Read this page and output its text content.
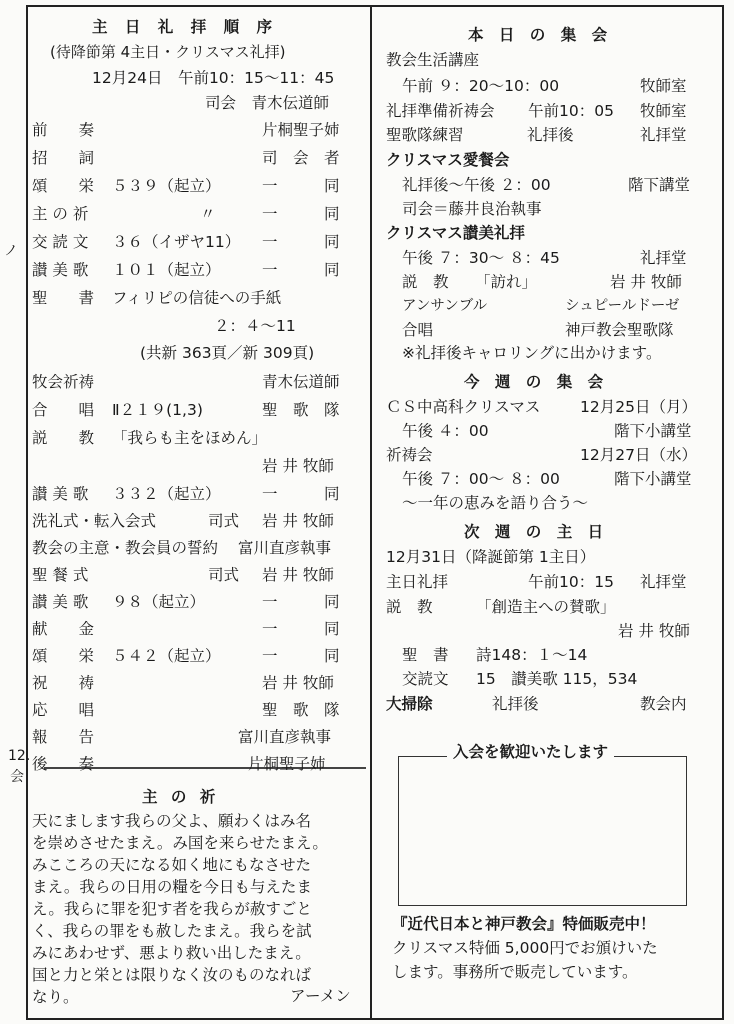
主 日 礼 拝 順 序
(待降節第 4主日・クリスマス礼拝)
12月24日　午前10：15〜11：45
司会　青木伝道師
前　　奏	片桐聖子姉
招　　詞	司　会　者
頌　　栄 ５３９（起立）	一　　　同
主 の 祈	〃	一　　　同
交 読 文 ３６（イザヤ11） 一　　　同
讃 美 歌 １０１（起立）	一　　　同
聖　　書 フィリピの信徒への手紙
２：４〜11
(共新 363頁／新 309頁)
牧会祈祷	青木伝道師
合　　唱 Ⅱ２１９(1,3)	聖　歌　隊
説　　教 「我らも主をほめん」
岩 井 牧師
讃 美 歌 ３３２（起立）	一　　　同
洗礼式・転入会式	司式 岩 井 牧師
教会の主意・教会員の誓約 富川直彦執事
聖 餐 式	司式 岩 井 牧師
讃 美 歌 ９８（起立）	一　　　同
献　　金	一　　　同
頌　　栄 ５４２（起立）	一　　　同
祝　　祷	岩 井 牧師
応　　唱	聖　歌　隊
報　　告	富川直彦執事
後　　奏	片桐聖子姉
ノ
12.
会
主 の 祈
天にまします我らの父よ、願わくはみ名
を崇めさせたまえ。み国を来らせたまえ。
みこころの天になる如く地にもなさせた
まえ。我らの日用の糧を今日も与えたま
え。我らに罪を犯す者を我らが赦すごと
く、我らの罪をも赦したまえ。我らを試
みにあわせず、悪より救い出したまえ。
国と力と栄とは限りなく汝のものなれば
なり。	アーメン
本 日 の 集 会
教会生活講座
午前 ９：20〜10：00	牧師室
礼拝準備祈祷会 午前10：05 牧師室
聖歌隊練習	礼拝後	礼拝堂
クリスマス愛餐会
礼拝後〜午後 ２：00	階下講堂
司会＝藤井良治執事
クリスマス讃美礼拝
午後 ７：30〜 ８：45	礼拝堂
説　教 「訪れ」	岩 井 牧師
アンサンブル	シュピールドーゼ
合唱	神戸教会聖歌隊
※礼拝後キャロリングに出かけます。
今 週 の 集 会
ＣＳ中高科クリスマス	12月25日（月）
午後 ４：00	階下小講堂
祈祷会	12月27日（水）
午後 ７：00〜 ８：00	階下小講堂
〜一年の恵みを語り合う〜
次 週 の 主 日
12月31日（降誕節第 1主日）
主日礼拝	午前10：15 礼拝堂
説　教	「創造主への賛歌」
岩 井 牧師
聖　書 詩148：１〜14
交読文 15　讃美歌 115，534
大掃除	礼拝後	教会内
入会を歓迎いたします
『近代日本と神戸教会』特価販売中！
クリスマス特価 5,000円でお頒けいた
します。事務所で販売しています。
